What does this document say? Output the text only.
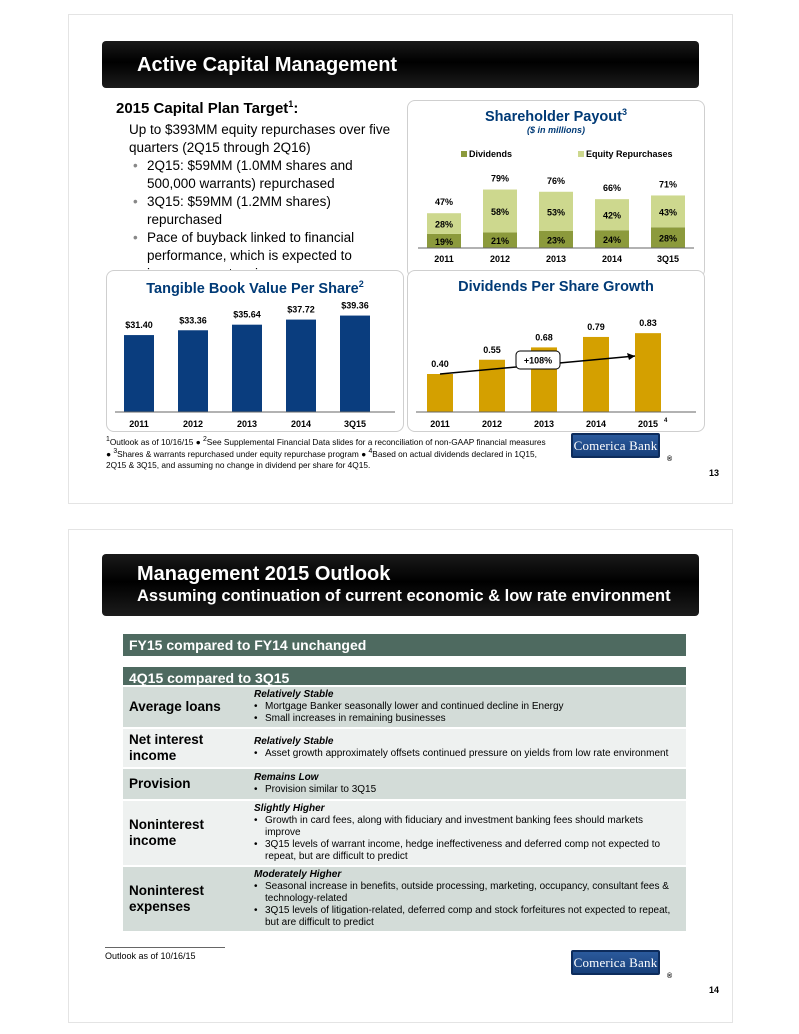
Active Capital Management
2015 Capital Plan Target$^1$:
Up to $393MM equity repurchases over five quarters (2Q15 through 2Q16)
• 2Q15: $59MM (1.0MM shares and 500,000 warrants) repurchased
• 3Q15: $59MM (1.2MM shares) repurchased
• Pace of buyback linked to financial performance, which is expected to
Shareholder Payout$^3$
($ in millions)
Dividends	Equity Repurchases
19%
28%
47%
2011
21%
58%
79%
2012
23%
53%
76%
2013
24%
42%
66%
2014
28%
43%
71%
3Q15
Tangible Book Value Per Share$^2$
$31.40
2011
$33.36
2012
$35.64
2013
$37.72
2014
$39.36
3Q15
Dividends Per Share Growth
0.40
2011
0.55
2012
0.68
2013
0.79
2014
0.83
2015 4
+108%
$^1$Outlook as of 10/16/15 ● $^2$See Supplemental Financial Data slides for a reconciliation of non-GAAP financial measures ● $^3$Shares & warrants repurchased under equity repurchase program ● $^4$Based on actual dividends declared in 1Q15, 2Q15 & 3Q15, and assuming no change in dividend per share for 4Q15.
Comerica Bank
®
13
Management 2015 Outlook
Assuming continuation of current economic & low rate environment
FY15 compared to FY14 unchanged
4Q15 compared to 3Q15
Average loans	Relatively Stable
• Mortgage Banker seasonally lower and continued decline in Energy
• Small increases in remaining businesses

Net interest income	Relatively Stable
• Asset growth approximately offsets continued pressure on yields from low rate environment

Provision	Remains Low
• Provision similar to 3Q15

Noninterest income	Slightly Higher
• Growth in card fees, along with fiduciary and investment banking fees should markets improve
• 3Q15 levels of warrant income, hedge ineffectiveness and deferred comp not expected to repeat, but are difficult to predict

Noninterest expenses	Moderately Higher
• Seasonal increase in benefits, outside processing, marketing, occupancy, consultant fees & technology-related
• 3Q15 levels of litigation-related, deferred comp and stock forfeitures not expected to repeat, but are difficult to predict
Outlook as of 10/16/15	Comerica Bank
®
14
